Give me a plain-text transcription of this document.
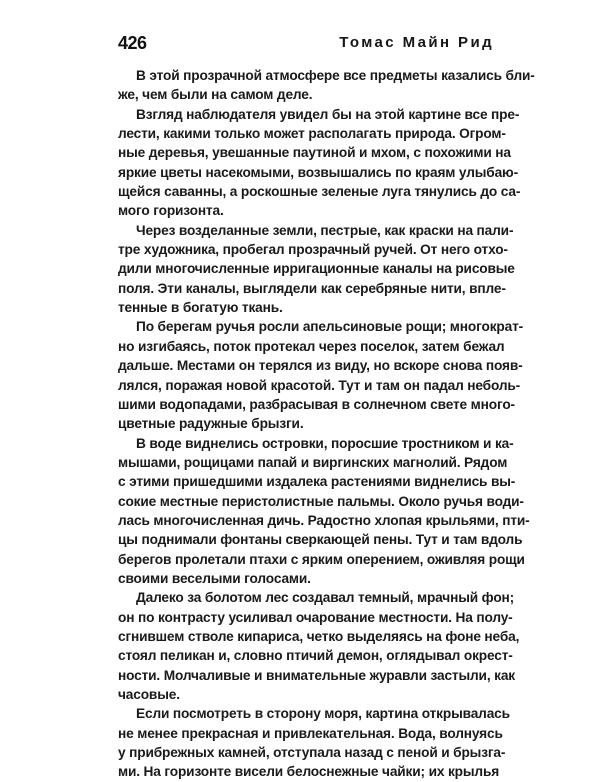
426	Томас Майн Рид
В этой прозрачной атмосфере все предметы казались бли-
же, чем были на самом деле.
Взгляд наблюдателя увидел бы на этой картине все пре-
лести, какими только может располагать природа. Огром-
ные деревья, увешанные паутиной и мхом, с похожими на
яркие цветы насекомыми, возвышались по краям улыбаю-
щейся саванны, а роскошные зеленые луга тянулись до са-
мого горизонта.
Через возделанные земли, пестрые, как краски на пали-
тре художника, пробегал прозрачный ручей. От него отхо-
дили многочисленные ирригационные каналы на рисовые
поля. Эти каналы, выглядели как серебряные нити, впле-
тенные в богатую ткань.
По берегам ручья росли апельсиновые рощи; многократ-
но изгибаясь, поток протекал через поселок, затем бежал
дальше. Местами он терялся из виду, но вскоре снова появ-
лялся, поражая новой красотой. Тут и там он падал неболь-
шими водопадами, разбрасывая в солнечном свете много-
цветные радужные брызги.
В воде виднелись островки, поросшие тростником и ка-
мышами, рощицами папай и виргинских магнолий. Рядом
с этими пришедшими издалека растениями виднелись вы-
сокие местные перистолистные пальмы. Около ручья води-
лась многочисленная дичь. Радостно хлопая крыльями, пти-
цы поднимали фонтаны сверкающей пены. Тут и там вдоль
берегов пролетали птахи с ярким оперением, оживляя рощи
своими веселыми голосами.
Далеко за болотом лес создавал темный, мрачный фон;
он по контрасту усиливал очарование местности. На полу-
сгнившем стволе кипариса, четко выделяясь на фоне неба,
стоял пеликан и, словно птичий демон, оглядывал окрест-
ности. Молчаливые и внимательные журавли застыли, как
часовые.
Если посмотреть в сторону моря, картина открывалась
не менее прекрасная и привлекательная. Вода, волнуясь
у прибрежных камней, отступала назад с пеной и брызга-
ми. На горизонте висели белоснежные чайки; их крылья
